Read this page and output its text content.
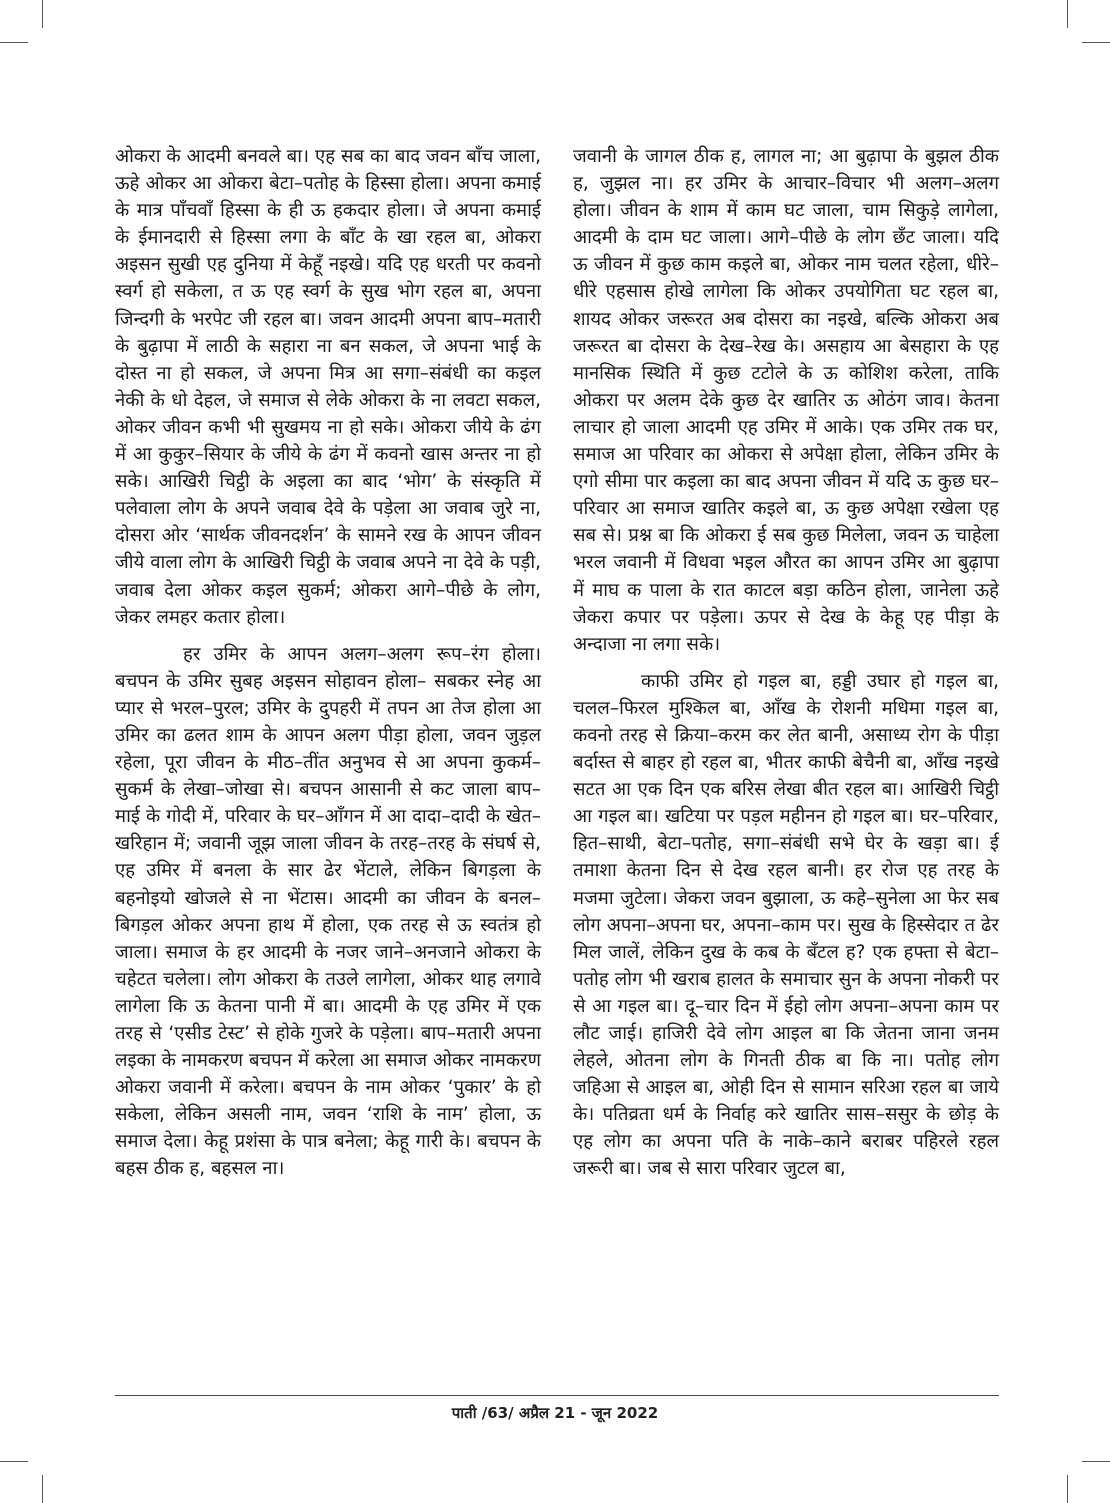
ओकरा के आदमी बनवले बा। एह सब का बाद जवन बॉंच जाला, ऊहे ओकर आ ओकरा बेटा–पतोह के हिस्सा होला। अपना कमाई के मात्र पाँचवाँ हिस्सा के ही ऊ हकदार होला। जे अपना कमाई के ईमानदारी से हिस्सा लगा के बाँट के खा रहल बा, ओकरा अइसन सुखी एह दुनिया में केहूँ नइखे। यदि एह धरती पर कवनो स्वर्ग हो सकेला, त ऊ एह स्वर्ग के सुख भोग रहल बा, अपना जिन्दगी के भरपेट जी रहल बा। जवन आदमी अपना बाप–मतारी के बुढ़ापा में लाठी के सहारा ना बन सकल, जे अपना भाई के दोस्त ना हो सकल, जे अपना मित्र आ सगा–संबंधी का कइल नेकी के धो देहल, जे समाज से लेके ओकरा के ना लवटा सकल, ओकर जीवन कभी भी सुखमय ना हो सके। ओकरा जीये के ढंग में आ कुकुर–सियार के जीये के ढंग में कवनो खास अन्तर ना हो सके। आखिरी चिट्ठी के अइला का बाद ‘भोग’ के संस्कृति में पलेवाला लोग के अपने जवाब देवे के पड़ेला आ जवाब जुरे ना, दोसरा ओर ‘सार्थक जीवनदर्शन’ के सामने रख के आपन जीवन जीये वाला लोग के आखिरी चिट्ठी के जवाब अपने ना देवे के पड़ी, जवाब देला ओकर कइल सुकर्म; ओकरा आगे–पीछे के लोग, जेकर लमहर कतार होला।

हर उमिर के आपन अलग–अलग रूप–रंग होला। बचपन के उमिर सुबह अइसन सोहावन होला– सबकर स्नेह आ प्यार से भरल–पुरल; उमिर के दुपहरी में तपन आ तेज होला आ उमिर का ढलत शाम के आपन अलग पीड़ा होला, जवन जुड़ल रहेला, पूरा जीवन के मीठ–तींत अनुभव से आ अपना कुकर्म–सुकर्म के लेखा–जोखा से। बचपन आसानी से कट जाला बाप–माई के गोदी में, परिवार के घर–आँगन में आ दादा–दादी के खेत–खरिहान में; जवानी जूझ जाला जीवन के तरह–तरह के संघर्ष से, एह उमिर में बनला के सार ढेर भेंटाले, लेकिन बिगड़ला के बहनोइयो खोजले से ना भेंटास। आदमी का जीवन के बनल–बिगड़ल ओकर अपना हाथ में होला, एक तरह से ऊ स्वतंत्र हो जाला। समाज के हर आदमी के नजर जाने–अनजाने ओकरा के चहेटत चलेला। लोग ओकरा के तउले लागेला, ओकर थाह लगावे लागेला कि ऊ केतना पानी में बा। आदमी के एह उमिर में एक तरह से ‘एसीड टेस्ट’ से होके गुजरे के पड़ेला। बाप–मतारी अपना लइका के नामकरण बचपन में करेला आ समाज ओकर नामकरण ओकरा जवानी में करेला। बचपन के नाम ओकर ‘पुकार’ के हो सकेला, लेकिन असली नाम, जवन ‘राशि के नाम’ होला, ऊ समाज देला। केहू प्रशंसा के पात्र बनेला; केहू गारी के। बचपन के बहस ठीक ह, बहसल ना।

जवानी के जागल ठीक ह, लागल ना; आ बुढ़ापा के बुझल ठीक ह, जुझल ना। हर उमिर के आचार–विचार भी अलग–अलग होला। जीवन के शाम में काम घट जाला, चाम सिकुड़े लागेला, आदमी के दाम घट जाला। आगे–पीछे के लोग छँट जाला। यदि ऊ जीवन में कुछ काम कइले बा, ओकर नाम चलत रहेला, धीरे–धीरे एहसास होखे लागेला कि ओकर उपयोगिता घट रहल बा, शायद ओकर जरूरत अब दोसरा का नइखे, बल्कि ओकरा अब जरूरत बा दोसरा के देख–रेख के। असहाय आ बेसहारा के एह मानसिक स्थिति में कुछ टटोले के ऊ कोशिश करेला, ताकि ओकरा पर अलम देके कुछ देर खातिर ऊ ओठंग जाव। केतना लाचार हो जाला आदमी एह उमिर में आके। एक उमिर तक घर, समाज आ परिवार का ओकरा से अपेक्षा होला, लेकिन उमिर के एगो सीमा पार कइला का बाद अपना जीवन में यदि ऊ कुछ घर–परिवार आ समाज खातिर कइले बा, ऊ कुछ अपेक्षा रखेला एह सब से। प्रश्न बा कि ओकरा ई सब कुछ मिलेला, जवन ऊ चाहेला भरल जवानी में विधवा भइल औरत का आपन उमिर आ बुढ़ापा में माघ क पाला के रात काटल बड़ा कठिन होला, जानेला ऊहे जेकरा कपार पर पड़ेला। ऊपर से देख के केहू एह पीड़ा के अन्दाजा ना लगा सके।

काफी उमिर हो गइल बा, हड्डी उघार हो गइल बा, चलल–फिरल मुश्किल बा, आँख के रोशनी मधिमा गइल बा, कवनो तरह से क्रिया–करम कर लेत बानी, असाध्य रोग के पीड़ा बर्दास्त से बाहर हो रहल बा, भीतर काफी बेचैनी बा, आँख नइखे सटत आ एक दिन एक बरिस लेखा बीत रहल बा। आखिरी चिट्ठी आ गइल बा। खटिया पर पड़ल महीनन हो गइल बा। घर–परिवार, हित–साथी, बेटा–पतोह, सगा–संबंधी सभे घेर के खड़ा बा। ई तमाशा केतना दिन से देख रहल बानी। हर रोज एह तरह के मजमा जुटेला। जेकरा जवन बुझाला, ऊ कहे–सुनेला आ फेर सब लोग अपना–अपना घर, अपना–काम पर। सुख के हिस्सेदार त ढेर मिल जालें, लेकिन दुख के कब के बँटल ह? एक हफ्ता से बेटा–पतोह लोग भी खराब हालत के समाचार सुन के अपना नोकरी पर से आ गइल बा। दू–चार दिन में ईहो लोग अपना–अपना काम पर लौट जाई। हाजिरी देवे लोग आइल बा कि जेतना जाना जनम लेहले, ओतना लोग के गिनती ठीक बा कि ना। पतोह लोग जहिआ से आइल बा, ओही दिन से सामान सरिआ रहल बा जाये के। पतिव्रता धर्म के निर्वाह करे खातिर सास–ससुर के छोड़ के एह लोग का अपना पति के नाके–काने बराबर पहिरले रहल जरूरी बा। जब से सारा परिवार जुटल बा,

पाती /63/ अप्रैल 21 - जून 2022
